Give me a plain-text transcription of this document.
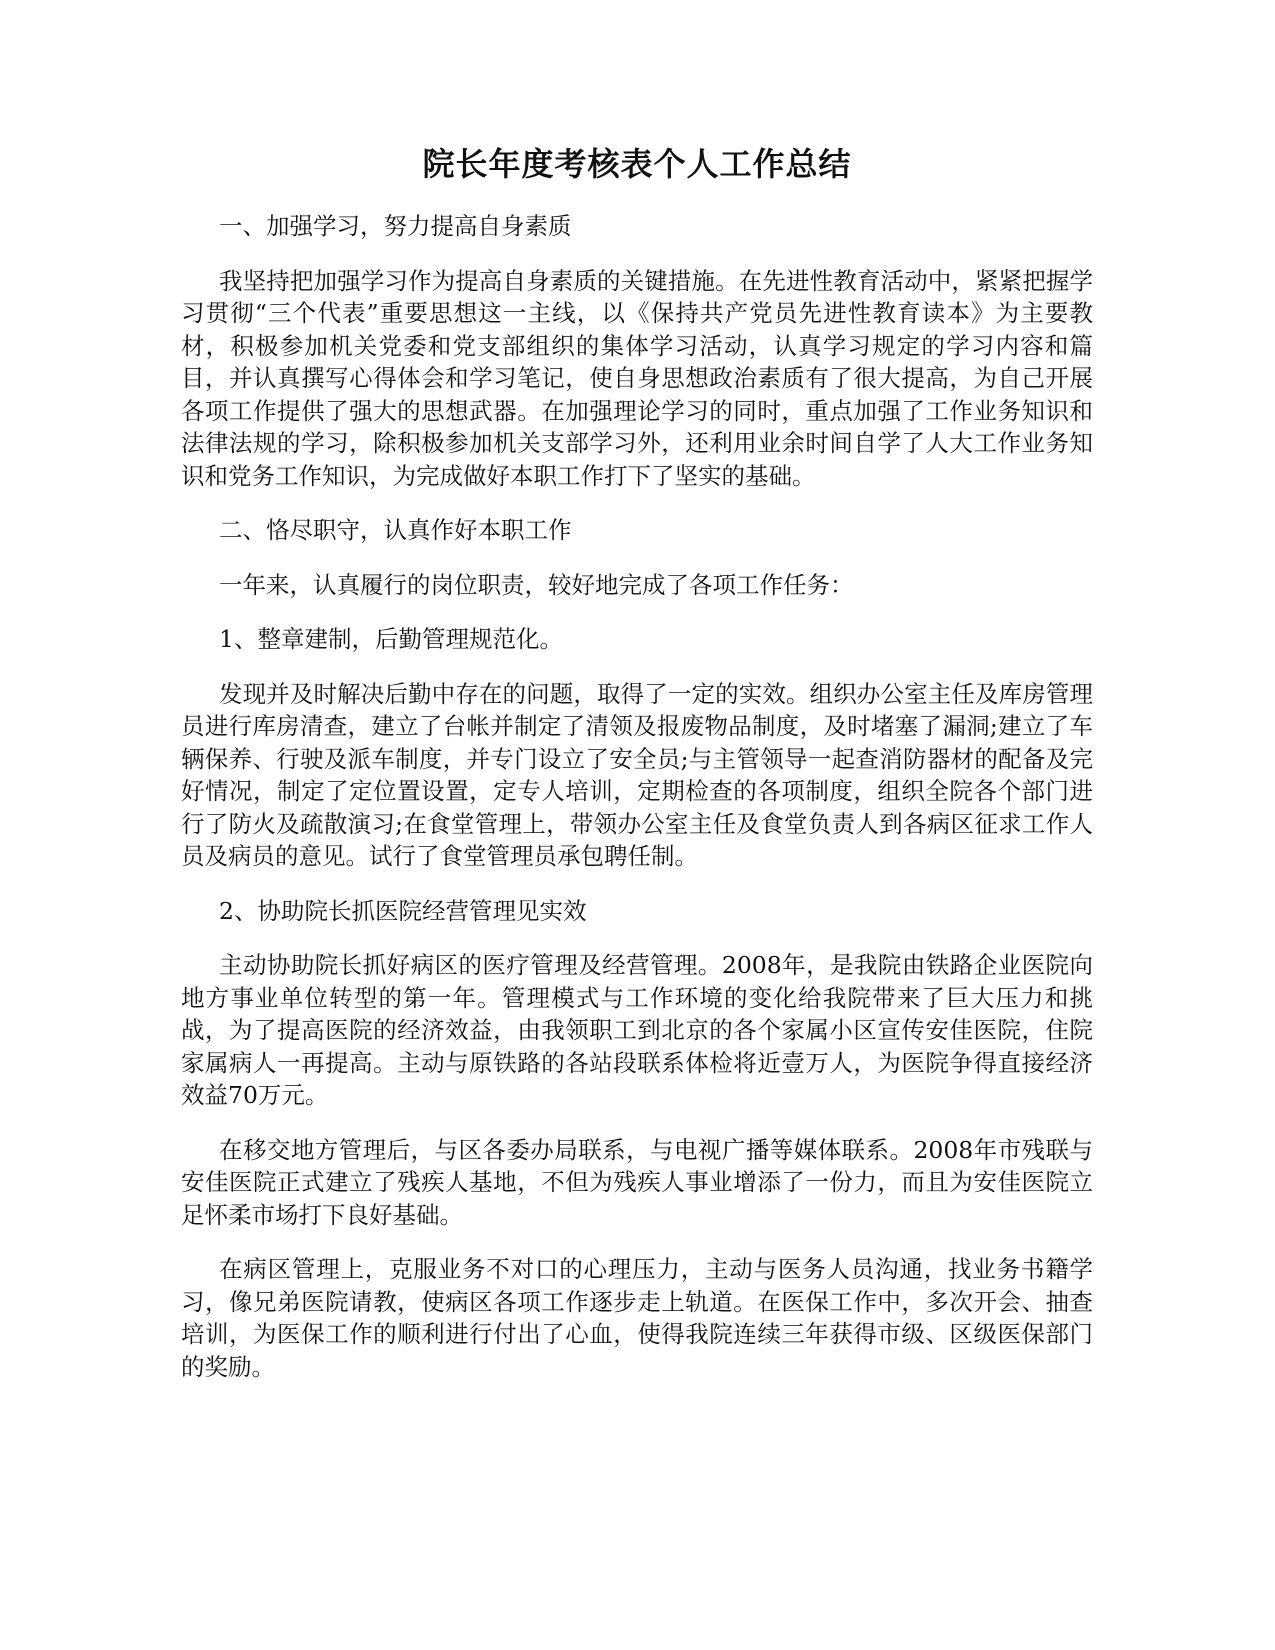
院长年度考核表个人工作总结

一、加强学习，努力提高自身素质

我坚持把加强学习作为提高自身素质的关键措施。在先进性教育活动中，紧紧把握学习贯彻“三个代表”重要思想这一主线，以《保持共产党员先进性教育读本》为主要教材，积极参加机关党委和党支部组织的集体学习活动，认真学习规定的学习内容和篇目，并认真撰写心得体会和学习笔记，使自身思想政治素质有了很大提高，为自己开展各项工作提供了强大的思想武器。在加强理论学习的同时，重点加强了工作业务知识和法律法规的学习，除积极参加机关支部学习外，还利用业余时间自学了人大工作业务知识和党务工作知识，为完成做好本职工作打下了坚实的基础。

二、恪尽职守，认真作好本职工作

一年来，认真履行的岗位职责，较好地完成了各项工作任务：

1、整章建制，后勤管理规范化。

发现并及时解决后勤中存在的问题，取得了一定的实效。组织办公室主任及库房管理员进行库房清查，建立了台帐并制定了清领及报废物品制度，及时堵塞了漏洞;建立了车辆保养、行驶及派车制度，并专门设立了安全员;与主管领导一起查消防器材的配备及完好情况，制定了定位置设置，定专人培训，定期检查的各项制度，组织全院各个部门进行了防火及疏散演习;在食堂管理上，带领办公室主任及食堂负责人到各病区征求工作人员及病员的意见。试行了食堂管理员承包聘任制。

2、协助院长抓医院经营管理见实效

主动协助院长抓好病区的医疗管理及经营管理。2008年，是我院由铁路企业医院向地方事业单位转型的第一年。管理模式与工作环境的变化给我院带来了巨大压力和挑战，为了提高医院的经济效益，由我领职工到北京的各个家属小区宣传安佳医院，住院家属病人一再提高。主动与原铁路的各站段联系体检将近壹万人，为医院争得直接经济效益70万元。

在移交地方管理后，与区各委办局联系，与电视广播等媒体联系。2008年市残联与安佳医院正式建立了残疾人基地，不但为残疾人事业增添了一份力，而且为安佳医院立足怀柔市场打下良好基础。

在病区管理上，克服业务不对口的心理压力，主动与医务人员沟通，找业务书籍学习，像兄弟医院请教，使病区各项工作逐步走上轨道。在医保工作中，多次开会、抽查培训，为医保工作的顺利进行付出了心血，使得我院连续三年获得市级、区级医保部门的奖励。
